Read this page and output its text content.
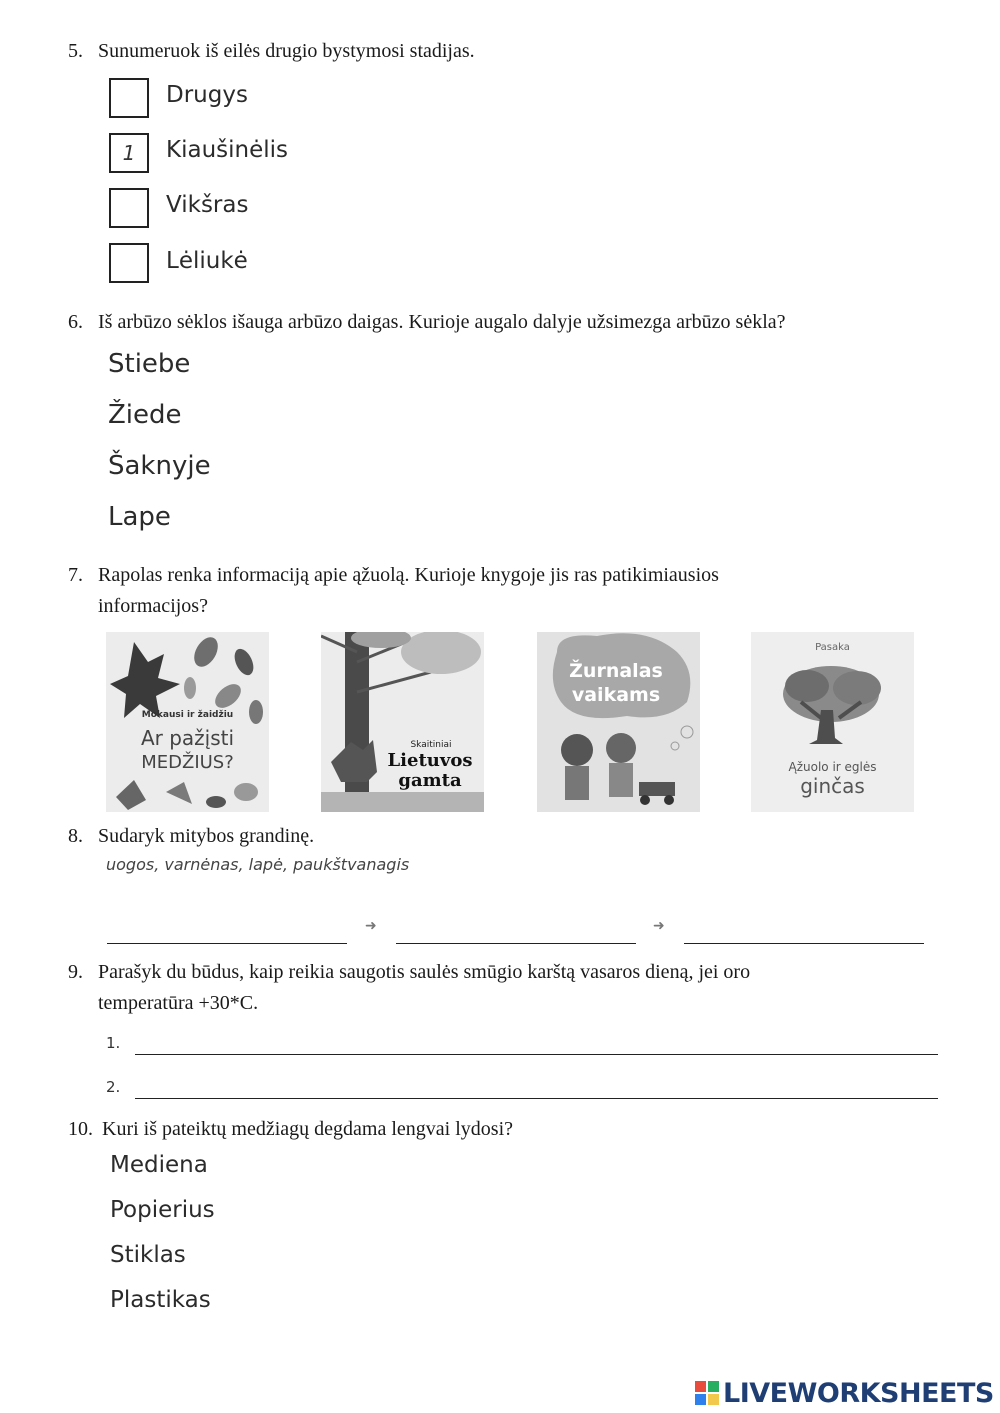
5. Sunumeruok iš eilės drugio bystymosi stadijas.
Drugys
1	Kiaušinėlis
Vikšras
Lėliukė
6. Iš arbūzo sėklos išauga arbūzo daigas. Kurioje augalo dalyje užsimezga arbūzo sėkla?
Stiebe
Žiede
Šaknyje
Lape
7. Rapolas renka informaciją apie ąžuolą. Kurioje knygoje jis ras patikimiausios
informacijos?
Mokausi ir žaidžiu
Ar pažįsti
MEDŽIUS?
Skaitiniai
Lietuvos
gamta
Žurnalas
vaikams
Pasaka
Ąžuolo ir eglės
ginčas
8. Sudaryk mitybos grandinę.
uogos, varnėnas, lapė, paukštvanagis
➜	➜
9. Parašyk du būdus, kaip reikia saugotis saulės smūgio karštą vasaros dieną, jei oro
temperatūra +30*C.
1.
2.
10. Kuri iš pateiktų medžiagų degdama lengvai lydosi?
Mediena
Popierius
Stiklas
Plastikas
LIVEWORKSHEETS
